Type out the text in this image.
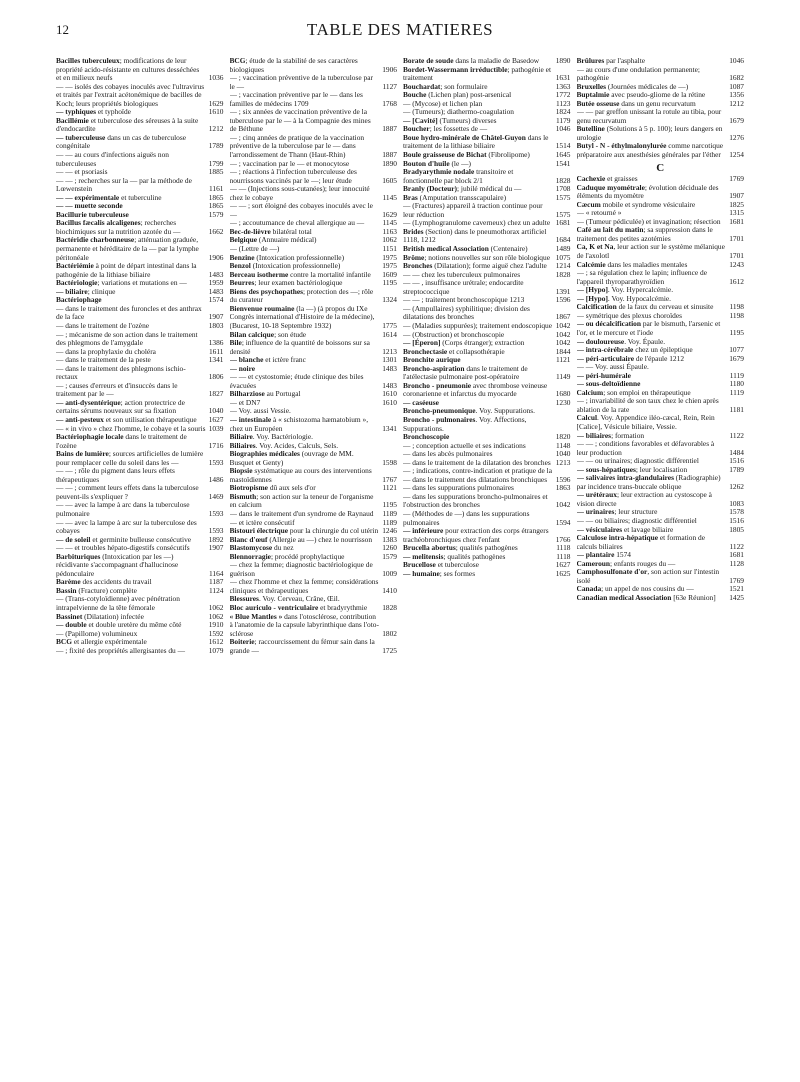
12	TABLE DES MATIERES
Bacilles tuberculeux; modifications de leur propriété acido-résistante en cultures desséchées et en milieux neufs	1036
— — isolés des cobayes inoculés avec l'ultravirus et traités par l'extrait acétonémique de bacilles de Koch; leurs propriétés biologiques	1629
— typhiques et typhoïde	1610
Bacillémie et tuberculose des séreuses à la suite d'endocardite	1212
— tuberculeuse dans un cas de tuberculose congénitale	1789
— — au cours d'infections aiguës non tuberculeuses	1799
— — et psoriasis	1885
— — ; recherches sur la — par la méthode de Lœwenstein	1161
— — expérimentale et tuberculine	1865
— — muette seconde	1865
Bacillurie tuberculeuse	1579
Bacillus fæcalis alcaligenes; recherches biochimiques sur la nutrition azotée du —	1662
Bactéridie charbonneuse; atténuation graduée, permanente et héréditaire de la — par la lymphe péritonéale	1906
Bactériémie à point de départ intestinal dans la pathogénie de la lithiase biliaire	1483
Bactériologie; variations et mutations en —	1959
— biliaire; clinique	1483
Bactériophage	1574
— dans le traitement des furoncles et des anthrax de la face	1907
— dans le traitement de l'ozène	1803
— ; mécanisme de son action dans le traitement des phlegmons de l'amygdale	1386
— dans la prophylaxie du choléra	1611
— dans le traitement de la peste	1341
— dans le traitement des phlegmons ischio-rectaux	1806
— ; causes d'erreurs et d'insuccès dans le traitement par le —	1827
— anti-dysentérique; action protectrice de certains sérums nouveaux sur sa fixation	1040
— anti-pesteux et son utilisation thérapeutique	1627
— « in vivo » chez l'homme, le cobaye et la souris 1039
Bactériophagie locale dans le traitement de l'ozène	1716
Bains de lumière; sources artificielles de lumière pour remplacer celle du soleil dans les —	1593
— — ; rôle du pigment dans leurs effets thérapeutiques	1486
— — ; comment leurs effets dans la tuberculose peuvent-ils s'expliquer ?	1469
— — avec la lampe à arc dans la tuberculose pulmonaire	1593
— — avec la lampe à arc sur la tuberculose des cobayes	1593
— de soleil et germinite bulleuse consécutive	1892
— — et troubles hépato-digestifs consécutifs	1907
Barbituriques (Intoxication par les —) récidivante s'accompagnant d'hallucinose pédonculaire	1164
Barème des accidents du travail	1187
Bassin (Fracture) complète	1124
— (Trans-cotyloïdienne) avec pénétration intrapelvienne de la tête fémorale	1062
Bassinet (Dilatation) infectée	1062
— double et double uretère du même côté	1910
— (Papillome) volumineux	1592
BCG et allergie expérimentale	1612
— ; fixité des propriétés allergisantes du —	1079
BCG; étude de la stabilité de ses caractères biologiques	1906
— ; vaccination préventive de la tuberculose par le —	1127
— ; vaccination préventive par le — dans les familles de médecins 1709	1768
— ; six années de vaccination préventive de la tuberculose par le — à la Compagnie des mines de Béthune	1887
— ; cinq années de pratique de la vaccination préventive de la tuberculose par le — dans l'arrondissement de Thann (Haut-Rhin)	1887
— ; vaccination par le — et monocytose	1890
— ; réactions à l'infection tuberculeuse des nourrissons vaccinés par le —; leur étude	1605
— — (Injections sous-cutanées); leur innocuité chez le cobaye	1145
— — ; sort éloigné des cobayes inoculés avec le —	1629
— ; accoutumance de cheval allergique au —	1145
Bec-de-lièvre bilatéral total	1163
Belgique (Annuaire médical)	1062
— (Lettre de —)	1151
Benzine (Intoxication professionnelle)	1975
Benzol (Intoxication professionnelle)	1975
Berceau isotherme contre la mortalité infantile	1609
Beurres; leur examen bactériologique	1195
Biens des psychopathes; protection des —; rôle du curateur	1324
Bienvenue roumaine (la —) (à propos du IXe Congrès international d'Histoire de la médecine), (Bucarest, 10-18 Septembre 1932)	1775
Bilan calcique; son étude	1614
Bile; influence de la quantité de boissons sur sa densité	1213
— blanche et ictère franc	1301
— noire	1483
— — et cystostomie; étude clinique des biles évacuées	1483
Bilharziose au Portugal	1610
— et DN7	1610
— Voy. aussi Vessie.
— intestinale à « schistozoma hæmatobium », chez un Européen	1341
Biliaire. Voy. Bactériologie.
Biliaires. Voy. Acides, Calculs, Sels.
Biographies médicales (ouvrage de MM. Busquet et Genty)	1598
Biopsie systématique au cours des interventions mastoïdiennes	1767
Biotropisme dû aux sels d'or	1121
Bismuth; son action sur la teneur de l'organisme en calcium	1195
— dans le traitement d'un syndrome de Raynaud	1189
— et ictère consécutif	1189
Bistouri électrique pour la chirurgie du col utérin 1246
Blanc d'œuf (Allergie au —) chez le nourrisson	1383
Blastomycose du nez	1260
Blennorragie; procédé prophylactique	1579
— chez la femme; diagnostic bactériologique de guérison	1009
— chez l'homme et chez la femme; considérations cliniques et thérapeutiques	1410
Blessures. Voy. Cerveau, Crâne, Œil.
Bloc auriculo - ventriculaire et bradyrythmie	1828
« Blue Mantles » dans l'otosclérose, contribution à l'anatomie de la capsule labyrinthique dans l'oto-sclérose	1802
Boiterie; raccourcissement du fémur sain dans la grande —	1725
Borate de soude dans la maladie de Basedow	1890
Bordet-Wassermann irréductible; pathogénie et traitement	1631
Bouchardat; son formulaire	1363
Bouche (Lichen plan) post-arsenical	1772
— (Mycose) et lichen plan	1123
— (Tumeurs); diathermo-coagulation	1824
— [Cavité] (Tumeurs) diverses	1179
Boucher; les fossettes de —	1046
Boue hydro-minérale de Châtel-Guyon dans le traitement de la lithiase biliaire	1514
Boule graisseuse de Bichat (Fibrolipome)	1645
Bouton d'huile (le —)	1541
Bradyarythmie nodale transitoire et fonctionnelle par block 2/1	1828
Branly (Docteur); jubilé médical du —	1708
Bras (Amputation transscapulaire)	1575
— (Fractures) appareil à traction continue pour leur réduction	1575
— (Lymphogranulome caverneux) chez un adulte 1681
Brides (Section) dans le pneumothorax artificiel 1118, 1212	1684
British medical Association (Centenaire)	1489
Brôme; notions nouvelles sur son rôle biologique 1075
Bronches (Dilatation); forme aiguë chez l'adulte	1214
— — chez les tuberculeux pulmonaires	1828
— — , insuffisance urétrale; endocardite streptococcique	1391
— — ; traitement bronchoscopique 1213	1596
— (Ampullaires) syphilitique; division des dilatations des bronches	1867
— (Maladies suppurées); traitement endoscopique 1042
— (Obstruction) et bronchoscopie	1042
— [Éperon] (Corps étranger); extraction	1042
Bronchectasie et collapsothérapie	1844
Bronchite aurique	1121
Broncho-aspiration dans le traitement de l'atélectasie pulmonaire post-opératoire	1149
Broncho - pneumonie avec thrombose veineuse coronarienne et infarctus du myocarde	1680
— caséeuse	1230
Broncho-pneumonique. Voy. Suppurations.
Broncho - pulmonaires. Voy. Affections, Suppurations.
Bronchoscopie	1820
— ; conception actuelle et ses indications	1148
— dans les abcès pulmonaires	1040
— dans le traitement de la dilatation des bronches 1213
— ; indications, contre-indication et pratique de la — dans le traitement des dilatations bronchiques	1596
— dans les suppurations pulmonaires	1863
— dans les suppurations broncho-pulmonaires et l'obstruction des bronches	1042
— (Méthodes de —) dans les suppurations pulmonaires	1594
— inférieure pour extraction des corps étrangers trachéobronchiques chez l'enfant	1766
Brucella abortus; qualités pathogènes	1118
— melitensis; qualités pathogènes	1118
Brucellose et tuberculose	1627
— humaine; ses formes	1625
Brûlures par l'asphalte	1046
— au cours d'une ondulation permanente; pathogénie	1682
Bruxelles (Journées médicales de —)	1087
Buptalmie avec pseudo-gliome de la rétine	1356
Butée osseuse dans un genu recurvatum	1212
— — par greffon unissant la rotule au tibia, pour genu recurvatum	1679
Butelline (Solutions à 5 p. 100); leurs dangers en urologie	1276
Butyl - N - éthylmalonylurée comme narcotique préparatoire aux anesthésies générales par l'éther	1254
C
Cachexie et graisses	1769
Caduque myométrale; évolution déciduale des éléments du myomètre	1907
Cæcum mobile et syndrome vésiculaire	1825
— « retourné »	1315
— (Tumeur pédiculée) et invagination; résection	1681
Café au lait du matin; sa suppression dans le traitement des petites azotémies	1701
Ca, K et Na, leur action sur le système mélanique de l'axolotl	1701
Calcémie dans les maladies mentales	1243
— ; sa régulation chez le lapin; influence de l'appareil thyroparathyroïdien	1612
— [Hypo]. Voy. Hypercalcémie.
— [Hypo]. Voy. Hypocalcémie.
Calcification de la faux du cerveau et sinusite	1198
— symétrique des plexus choroïdes	1198
— ou décalcification par le bismuth, l'arsenic et l'or, et le mercure et l'iode	1195
— douloureuse. Voy. Épaule.
— intra-cérébrale chez un épileptique	1077
— péri-articulaire de l'épaule 1212	1679
— — Voy. aussi Épaule.
— péri-humérale	1119
— sous-deltoïdienne	1180
Calcium; son emploi en thérapeutique	1119
— ; invariabilité de son taux chez le chien après ablation de la rate	1181
Calcul. Voy. Appendice iléo-cæcal, Rein, Rein [Calice], Vésicule biliaire, Vessie.
— biliaires; formation	1122
— — ; conditions favorables et défavorables à leur production	1484
— — ou urinaires; diagnostic différentiel	1516
— sous-hépatiques; leur localisation	1789
— salivaires intra-glandulaires (Radiographie) par incidence trans-buccale oblique	1262
— urétéraux; leur extraction au cystoscope à vision directe	1083
— urinaires; leur structure	1578
— — ou biliaires; diagnostic différentiel	1516
— vésiculaires et lavage biliaire	1805
Calculose intra-hépatique et formation de calculs biliaires	1122
— plantaire 1574	1681
Cameroun; enfants rouges du —	1128
Camphosulfonate d'or, son action sur l'intestin isolé	1769
Canada; un appel de nos cousins du —	1521
Canadian medical Association [63e Réunion]	1425
